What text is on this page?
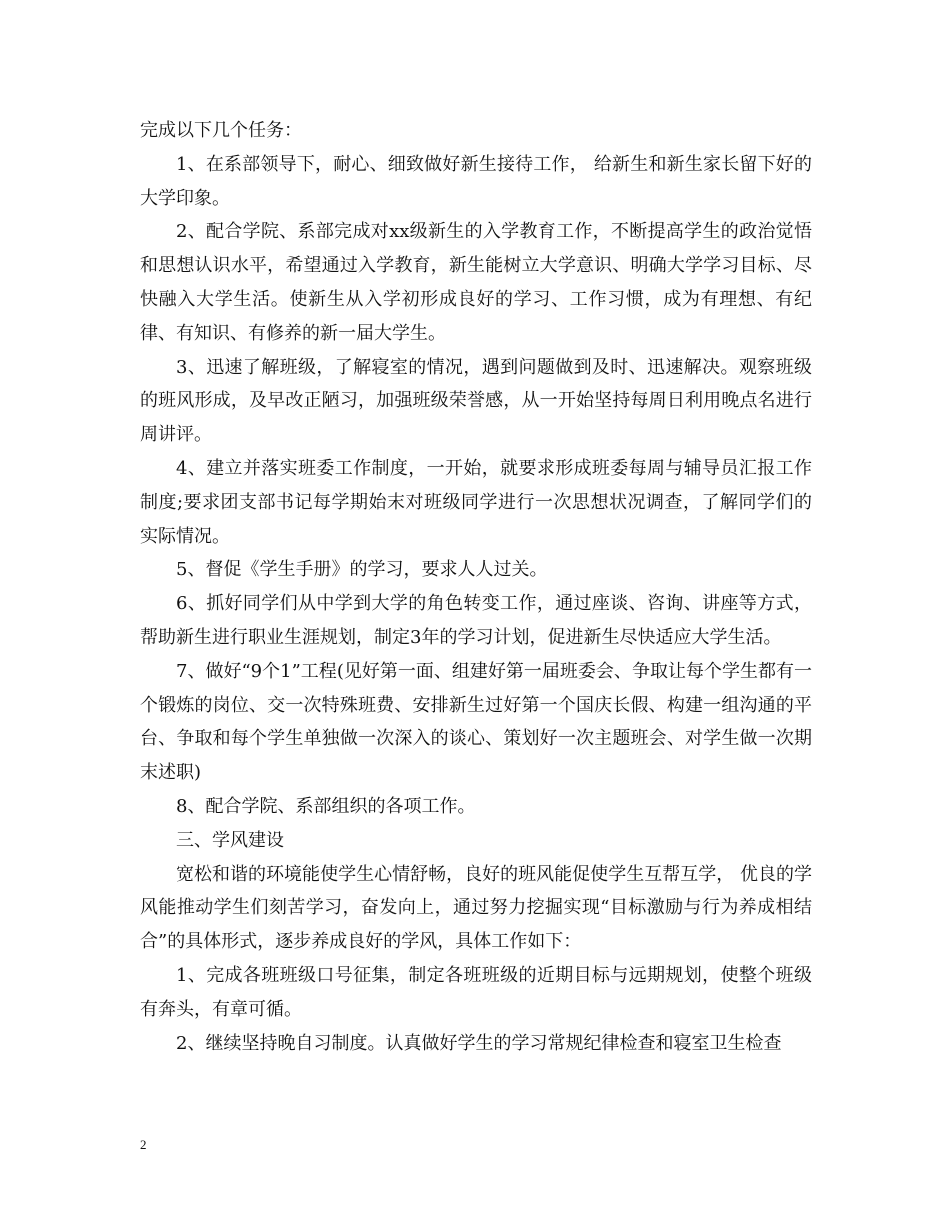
完成以下几个任务：

1、在系部领导下，耐心、细致做好新生接待工作， 给新生和新生家长留下好的大学印象。

2、配合学院、系部完成对xx级新生的入学教育工作，不断提高学生的政治觉悟和思想认识水平，希望通过入学教育，新生能树立大学意识、明确大学学习目标、尽快融入大学生活。使新生从入学初形成良好的学习、工作习惯，成为有理想、有纪律、有知识、有修养的新一届大学生。

3、迅速了解班级，了解寝室的情况，遇到问题做到及时、迅速解决。观察班级的班风形成，及早改正陋习，加强班级荣誉感，从一开始坚持每周日利用晚点名进行周讲评。

4、建立并落实班委工作制度，一开始，就要求形成班委每周与辅导员汇报工作制度;要求团支部书记每学期始末对班级同学进行一次思想状况调查，了解同学们的实际情况。

5、督促《学生手册》的学习，要求人人过关。

6、抓好同学们从中学到大学的角色转变工作，通过座谈、咨询、讲座等方式，帮助新生进行职业生涯规划，制定3年的学习计划，促进新生尽快适应大学生活。

7、做好“9个1”工程(见好第一面、组建好第一届班委会、争取让每个学生都有一个锻炼的岗位、交一次特殊班费、安排新生过好第一个国庆长假、构建一组沟通的平台、争取和每个学生单独做一次深入的谈心、策划好一次主题班会、对学生做一次期末述职)

8、配合学院、系部组织的各项工作。

三、学风建设

宽松和谐的环境能使学生心情舒畅，良好的班风能促使学生互帮互学， 优良的学风能推动学生们刻苦学习，奋发向上，通过努力挖掘实现“目标激励与行为养成相结合”的具体形式，逐步养成良好的学风，具体工作如下：

1、完成各班班级口号征集，制定各班班级的近期目标与远期规划，使整个班级有奔头，有章可循。

2、继续坚持晚自习制度。认真做好学生的学习常规纪律检查和寝室卫生检查

2
